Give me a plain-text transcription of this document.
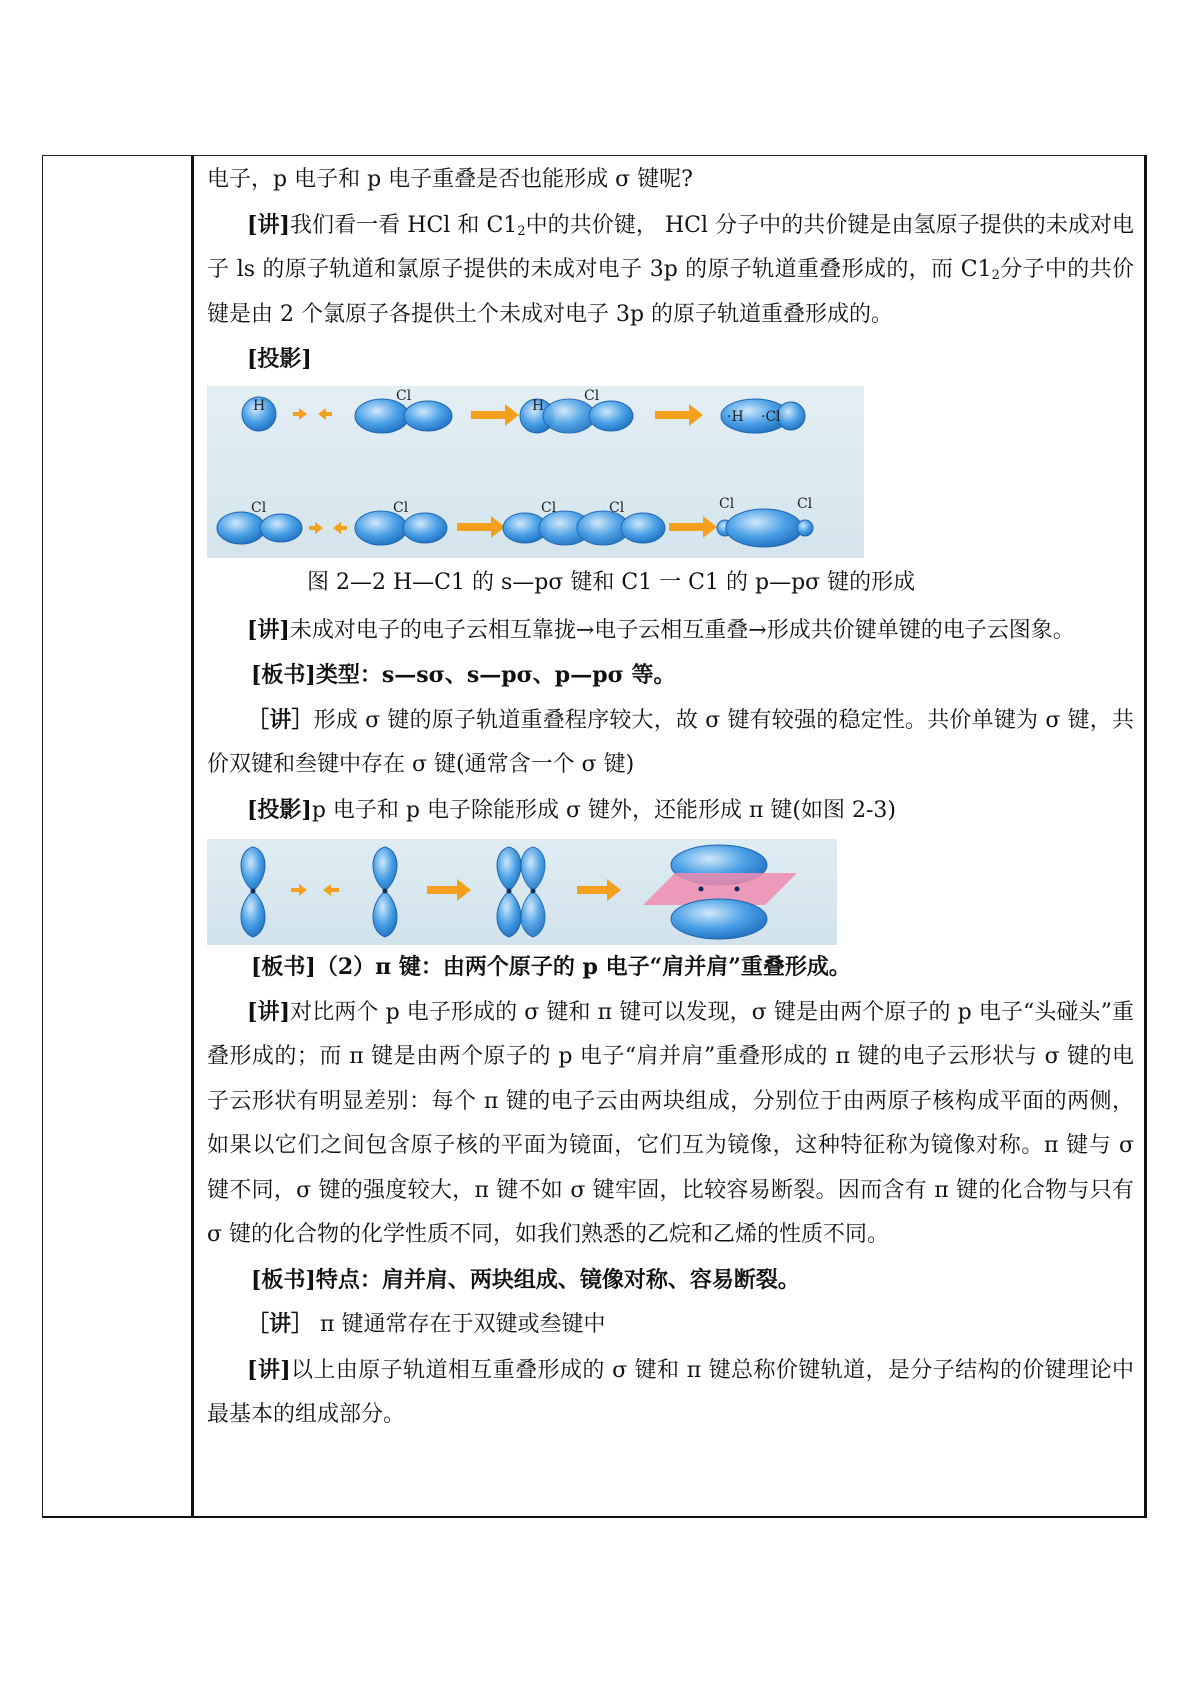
电子，p 电子和 p 电子重叠是否也能形成 σ 键呢?

[讲]我们看一看 HCl 和 $C1_2$中的共价键， HCl 分子中的共价键是由氢原子提供的未成对电子 ls 的原子轨道和氯原子提供的未成对电子 3p 的原子轨道重叠形成的，而 $C1_2$分子中的共价键是由 2 个氯原子各提供土个未成对电子 3p 的原子轨道重叠形成的。

[投影]

H
Cl
H
Cl
·H ·Cl
Cl	Cl	Cl	Cl	Cl	Cl

图 2—2 H—C1 的 s—pσ 键和 C1 一 C1 的 p—pσ 键的形成

[讲]未成对电子的电子云相互靠拢→电子云相互重叠→形成共价键单键的电子云图象。

[板书]类型：s—sσ、s—pσ、p—pσ 等。

［讲］形成 σ 键的原子轨道重叠程序较大，故 σ 键有较强的稳定性。共价单键为 σ 键，共价双键和叁键中存在 σ 键(通常含一个 σ 键)

[投影]p 电子和 p 电子除能形成 σ 键外，还能形成 π 键(如图 2-3)

[板书]（2）π 键：由两个原子的 p 电子“肩并肩”重叠形成。

[讲]对比两个 p 电子形成的 σ 键和 π 键可以发现，σ 键是由两个原子的 p 电子“头碰头”重叠形成的；而 π 键是由两个原子的 p 电子“肩并肩”重叠形成的 π 键的电子云形状与 σ 键的电子云形状有明显差别：每个 π 键的电子云由两块组成，分别位于由两原子核构成平面的两侧，如果以它们之间包含原子核的平面为镜面，它们互为镜像，这种特征称为镜像对称。π 键与 σ 键不同，σ 键的强度较大，π 键不如 σ 键牢固，比较容易断裂。因而含有 π 键的化合物与只有 σ 键的化合物的化学性质不同，如我们熟悉的乙烷和乙烯的性质不同。

[板书]特点：肩并肩、两块组成、镜像对称、容易断裂。

［讲］ π 键通常存在于双键或叁键中

[讲]以上由原子轨道相互重叠形成的 σ 键和 π 键总称价键轨道，是分子结构的价键理论中最基本的组成部分。
